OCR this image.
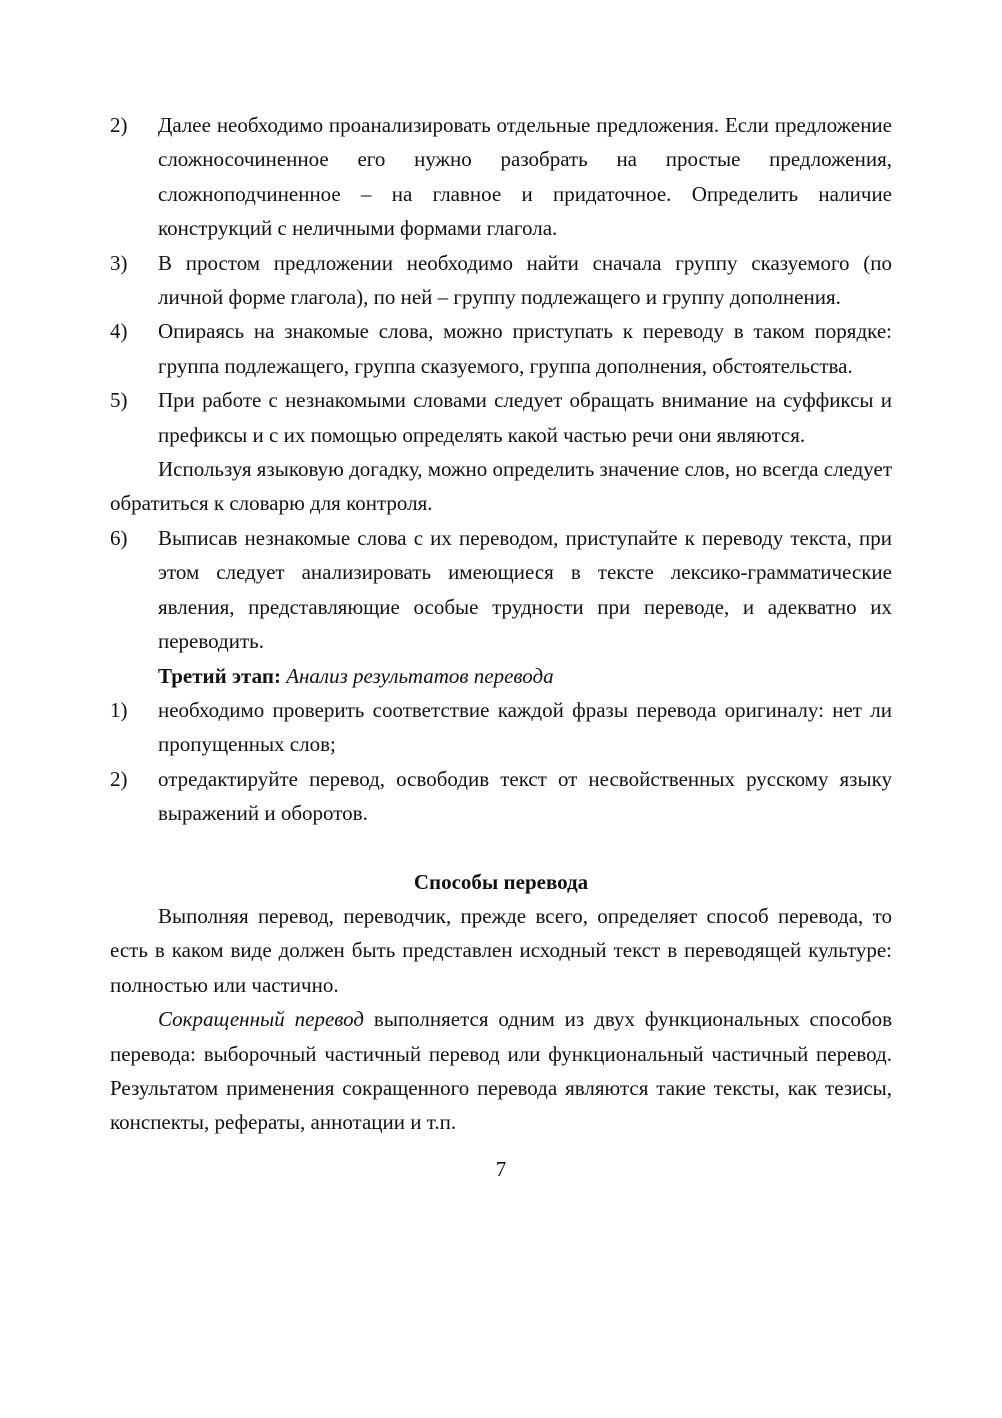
2) Далее необходимо проанализировать отдельные предложения. Если предложение сложносочиненное его нужно разобрать на простые предложения, сложноподчиненное – на главное и придаточное. Определить наличие конструкций с неличными формами глагола.
3) В простом предложении необходимо найти сначала группу сказуемого (по личной форме глагола), по ней – группу подлежащего и группу дополнения.
4) Опираясь на знакомые слова, можно приступать к переводу в таком порядке: группа подлежащего, группа сказуемого, группа дополнения, обстоятельства.
5) При работе с незнакомыми словами следует обращать внимание на суффиксы и префиксы и с их помощью определять какой частью речи они являются.
Используя языковую догадку, можно определить значение слов, но всегда следует обратиться к словарю для контроля.
6) Выписав незнакомые слова с их переводом, приступайте к переводу текста, при этом следует анализировать имеющиеся в тексте лексико-грамматические явления, представляющие особые трудности при переводе, и адекватно их переводить.
Третий этап: Анализ результатов перевода
1) необходимо проверить соответствие каждой фразы перевода оригиналу: нет ли пропущенных слов;
2) отредактируйте перевод, освободив текст от несвойственных русскому языку выражений и оборотов.
Способы перевода
Выполняя перевод, переводчик, прежде всего, определяет способ перевода, то есть в каком виде должен быть представлен исходный текст в переводящей культуре: полностью или частично.
Сокращенный перевод выполняется одним из двух функциональных способов перевода: выборочный частичный перевод или функциональный частичный перевод. Результатом применения сокращенного перевода являются такие тексты, как тезисы, конспекты, рефераты, аннотации и т.п.
7
